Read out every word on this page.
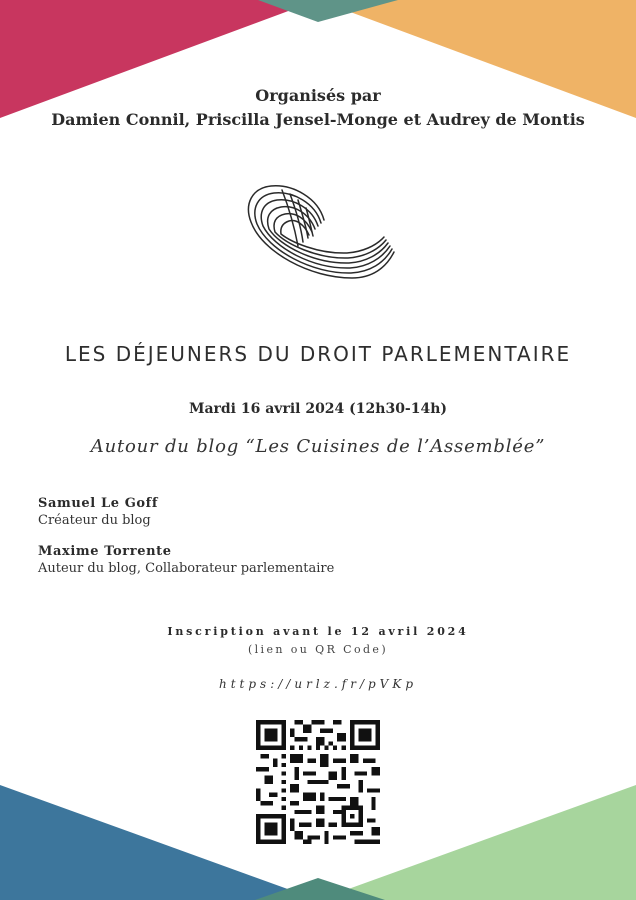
Organisés par

Damien Connil, Priscilla Jensel-Monge et Audrey de Montis

LES DÉJEUNERS DU DROIT PARLEMENTAIRE

Mardi 16 avril 2024 (12h30-14h)

Autour du blog “Les Cuisines de l’Assemblée”

Samuel Le Goff

Créateur du blog

Maxime Torrente

Auteur du blog, Collaborateur parlementaire

Inscription avant le 12 avril 2024

(lien ou QR Code)

https://urlz.fr/pVKp
